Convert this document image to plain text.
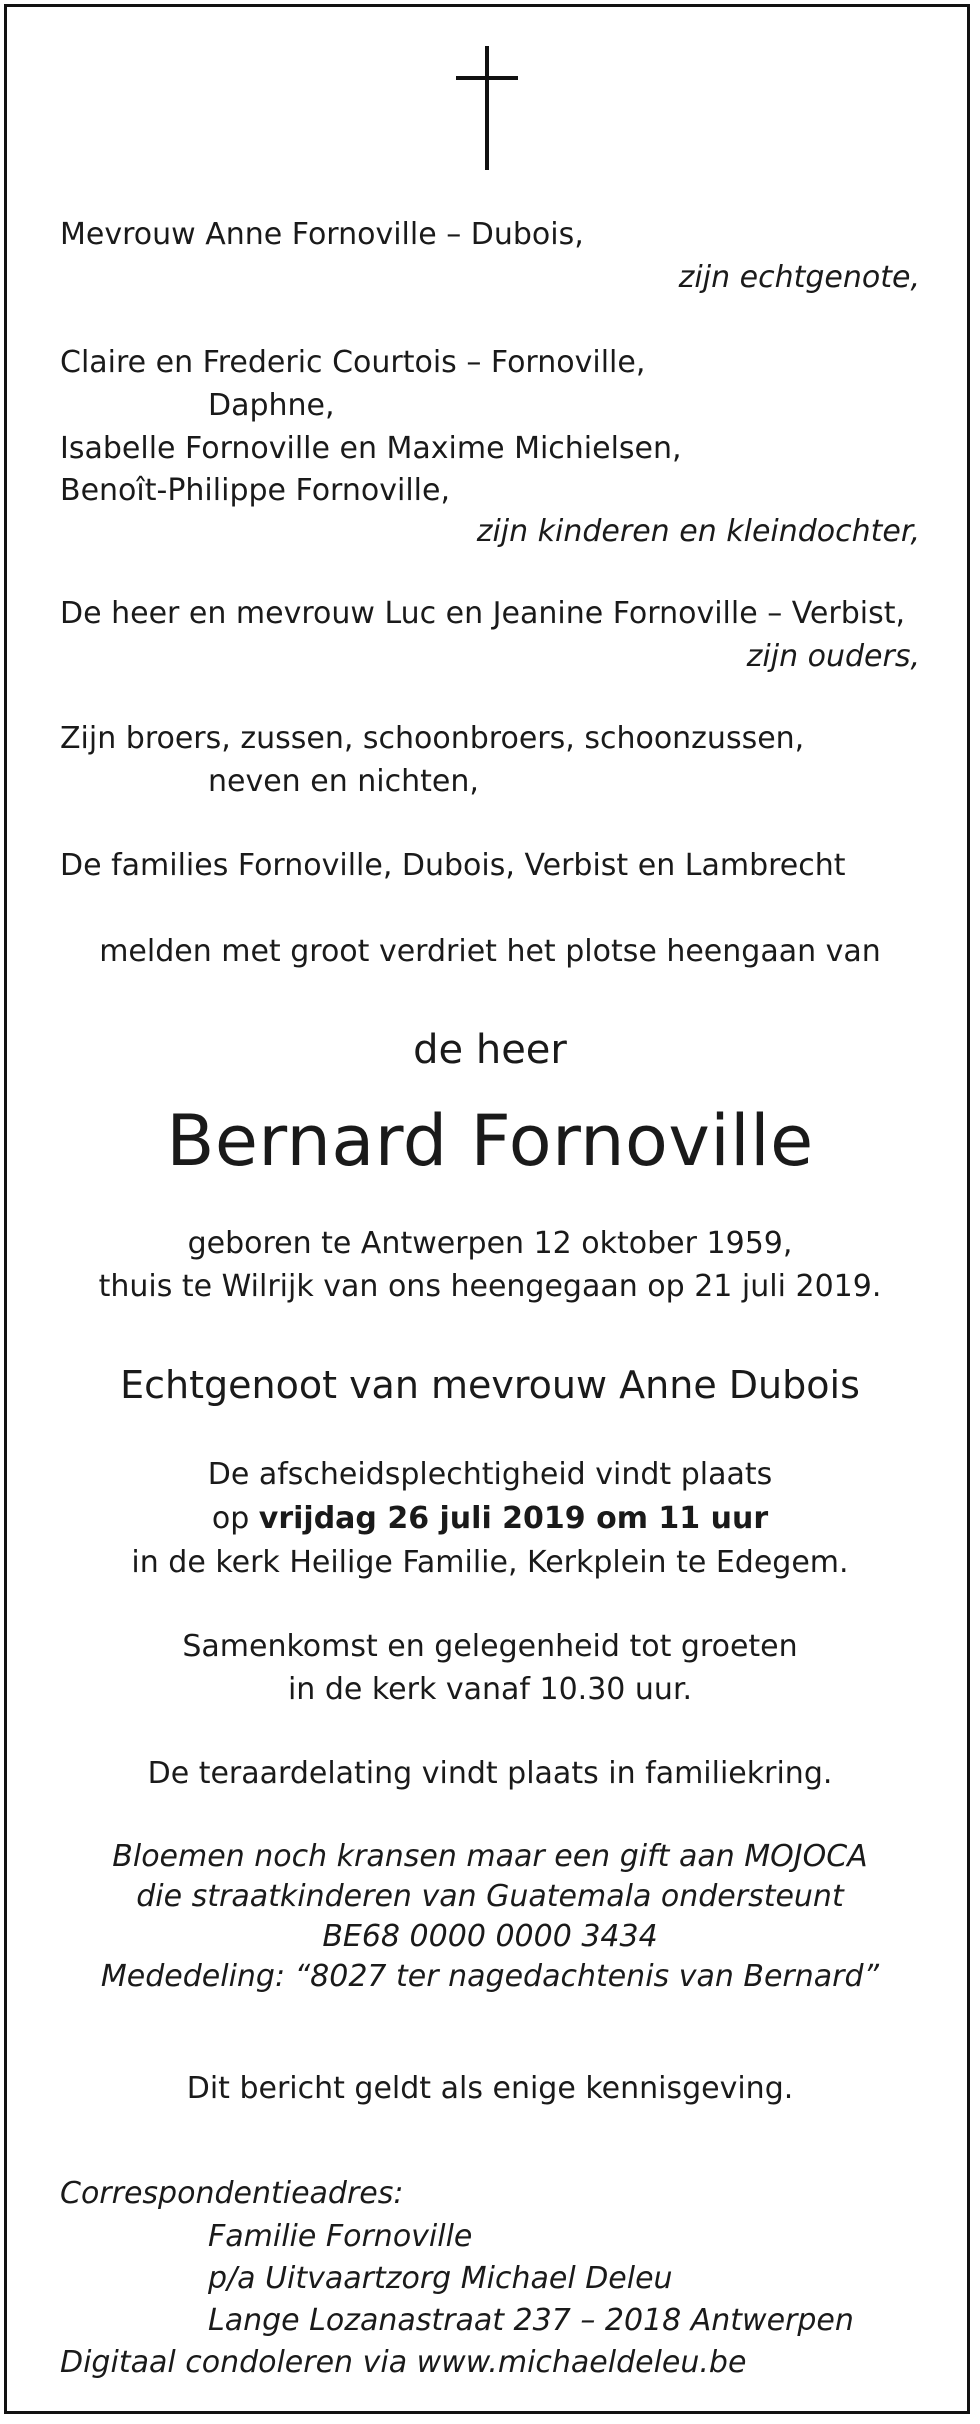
Mevrouw Anne Fornoville – Dubois,
zijn echtgenote,
Claire en Frederic Courtois – Fornoville,
Daphne,
Isabelle Fornoville en Maxime Michielsen,
Benoît-Philippe Fornoville,
zijn kinderen en kleindochter,
De heer en mevrouw Luc en Jeanine Fornoville – Verbist,
zijn ouders,
Zijn broers, zussen, schoonbroers, schoonzussen,
neven en nichten,
De families Fornoville, Dubois, Verbist en Lambrecht
melden met groot verdriet het plotse heengaan van
de heer
Bernard Fornoville
geboren te Antwerpen 12 oktober 1959,
thuis te Wilrijk van ons heengegaan op 21 juli 2019.
Echtgenoot van mevrouw Anne Dubois
De afscheidsplechtigheid vindt plaats
op vrijdag 26 juli 2019 om 11 uur
in de kerk Heilige Familie, Kerkplein te Edegem.
Samenkomst en gelegenheid tot groeten
in de kerk vanaf 10.30 uur.
De teraardelating vindt plaats in familiekring.
Bloemen noch kransen maar een gift aan MOJOCA
die straatkinderen van Guatemala ondersteunt
BE68 0000 0000 3434
Mededeling: “8027 ter nagedachtenis van Bernard”
Dit bericht geldt als enige kennisgeving.
Correspondentieadres:
Familie Fornoville
p/a Uitvaartzorg Michael Deleu
Lange Lozanastraat 237 – 2018 Antwerpen
Digitaal condoleren via www.michaeldeleu.be
